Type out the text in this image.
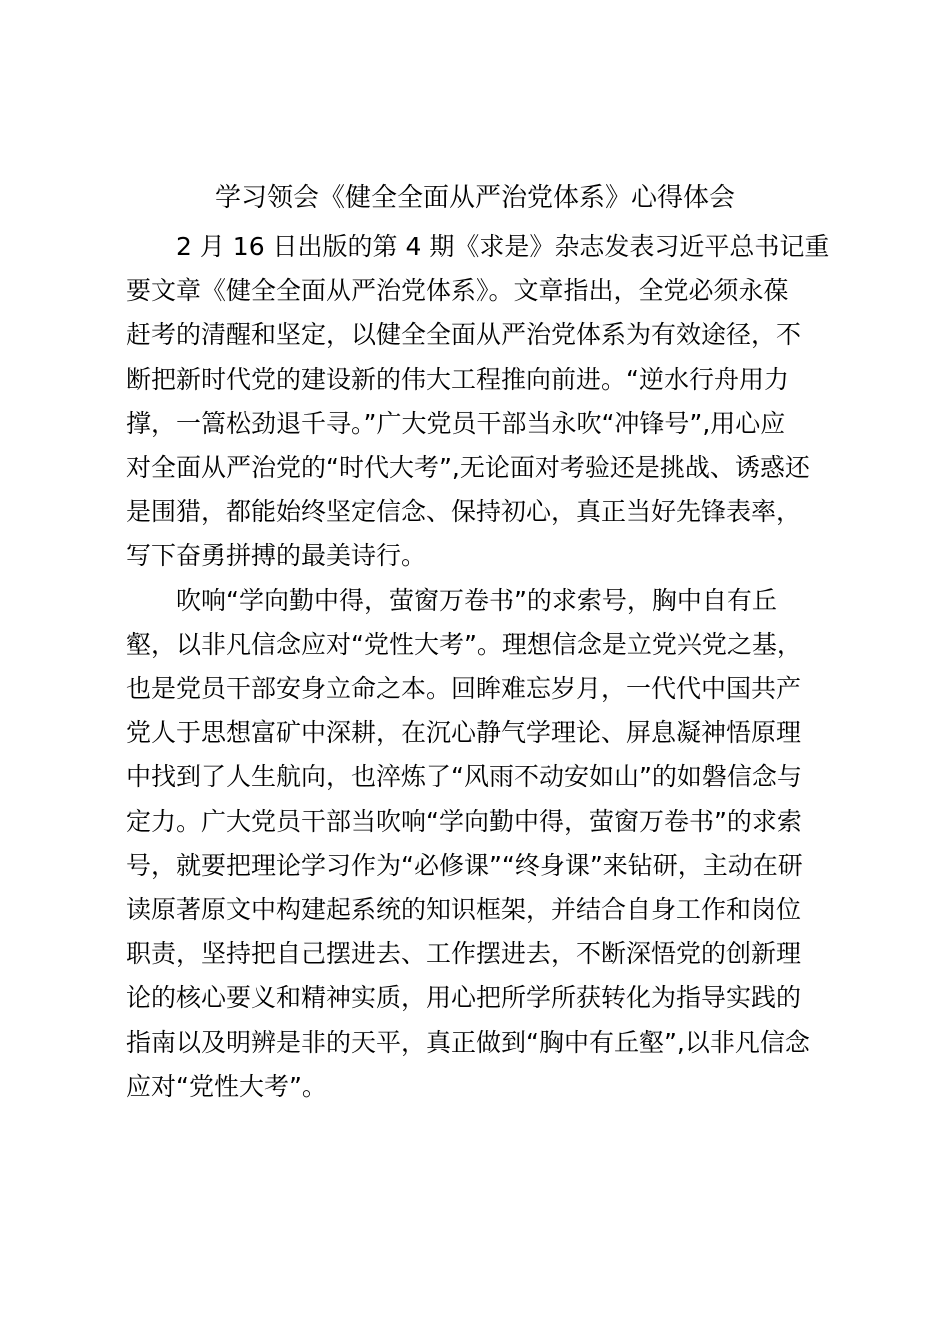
学习领会《健全全面从严治党体系》心得体会
2 月 16 日出版的第 4 期《求是》杂志发表习近平总书记重
要文章《健全全面从严治党体系》。文章指出，全党必须永葆
赶考的清醒和坚定，以健全全面从严治党体系为有效途径，不
断把新时代党的建设新的伟大工程推向前进。“逆水行舟用力
撑，一篙松劲退千寻。”广大党员干部当永吹“冲锋号”,用心应
对全面从严治党的“时代大考”,无论面对考验还是挑战、诱惑还
是围猎，都能始终坚定信念、保持初心，真正当好先锋表率，
写下奋勇拼搏的最美诗行。
吹响“学向勤中得，萤窗万卷书”的求索号，胸中自有丘
壑，以非凡信念应对“党性大考”。理想信念是立党兴党之基，
也是党员干部安身立命之本。回眸难忘岁月，一代代中国共产
党人于思想富矿中深耕，在沉心静气学理论、屏息凝神悟原理
中找到了人生航向，也淬炼了“风雨不动安如山”的如磐信念与
定力。广大党员干部当吹响“学向勤中得，萤窗万卷书”的求索
号，就要把理论学习作为“必修课”“终身课”来钻研，主动在研
读原著原文中构建起系统的知识框架，并结合自身工作和岗位
职责，坚持把自己摆进去、工作摆进去，不断深悟党的创新理
论的核心要义和精神实质，用心把所学所获转化为指导实践的
指南以及明辨是非的天平，真正做到“胸中有丘壑”,以非凡信念
应对“党性大考”。
